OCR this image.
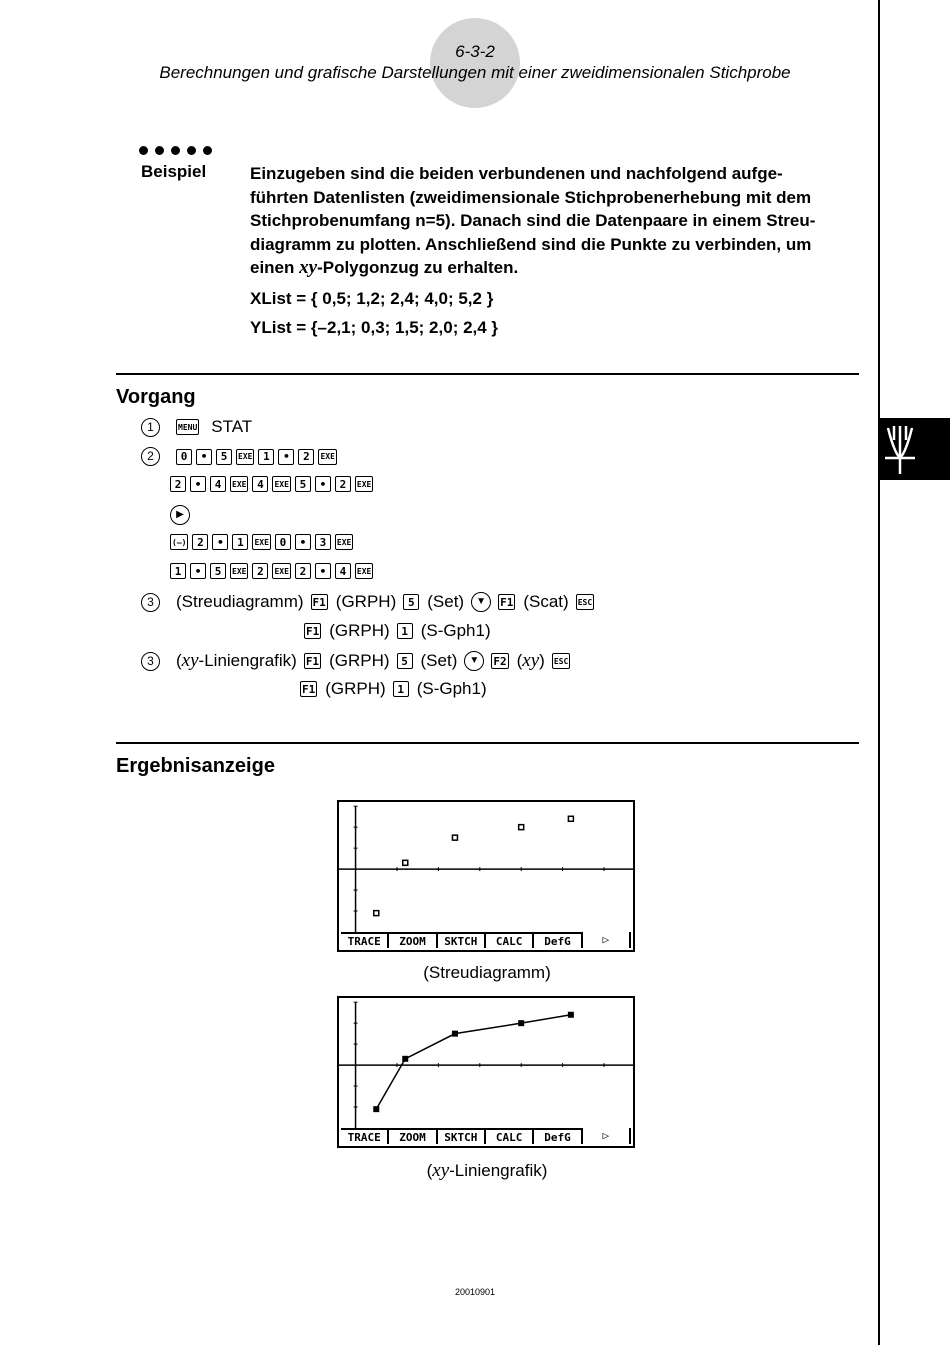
6-3-2
Berechnungen und grafische Darstellungen mit einer zweidimensionalen Stichprobe
Beispiel	Einzugeben sind die beiden verbundenen und nachfolgend aufge-
führten Datenlisten (zweidimensionale Stichprobenerhebung mit dem
Stichprobenumfang n=5). Danach sind die Datenpaare in einem Streu-
diagramm zu plotten. Anschließend sind die Punkte zu verbinden, um
einen xy-Polygonzug zu erhalten.
XList = { 0,5; 1,2; 2,4; 4,0; 5,2 }
YList = {–2,1; 0,3; 1,5; 2,0; 2,4 }
Vorgang
1	MENU STAT
2	0	•	5	EXE 1	•	2	EXE
2	•	4	EXE 4	EXE 5	•	2	EXE
▶
(–) 2	•	1	EXE 0	•	3	EXE
1	•	5	EXE 2	EXE 2	•	4	EXE
3	(Streudiagramm) F1 (GRPH)	5 (Set)	▼	F1 (Scat) ESC
F1 (GRPH)	1 (S-Gph1)
3	(xy-Liniengrafik) F1 (GRPH)	5 (Set)	▼	F2 (xy) ESC
F1 (GRPH)	1 (S-Gph1)
Ergebnisanzeige
TRACE	ZOOM	SKTCH	CALC	DefG	▷
(Streudiagramm)
TRACE	ZOOM	SKTCH	CALC	DefG	▷
(xy-Liniengrafik)
20010901
